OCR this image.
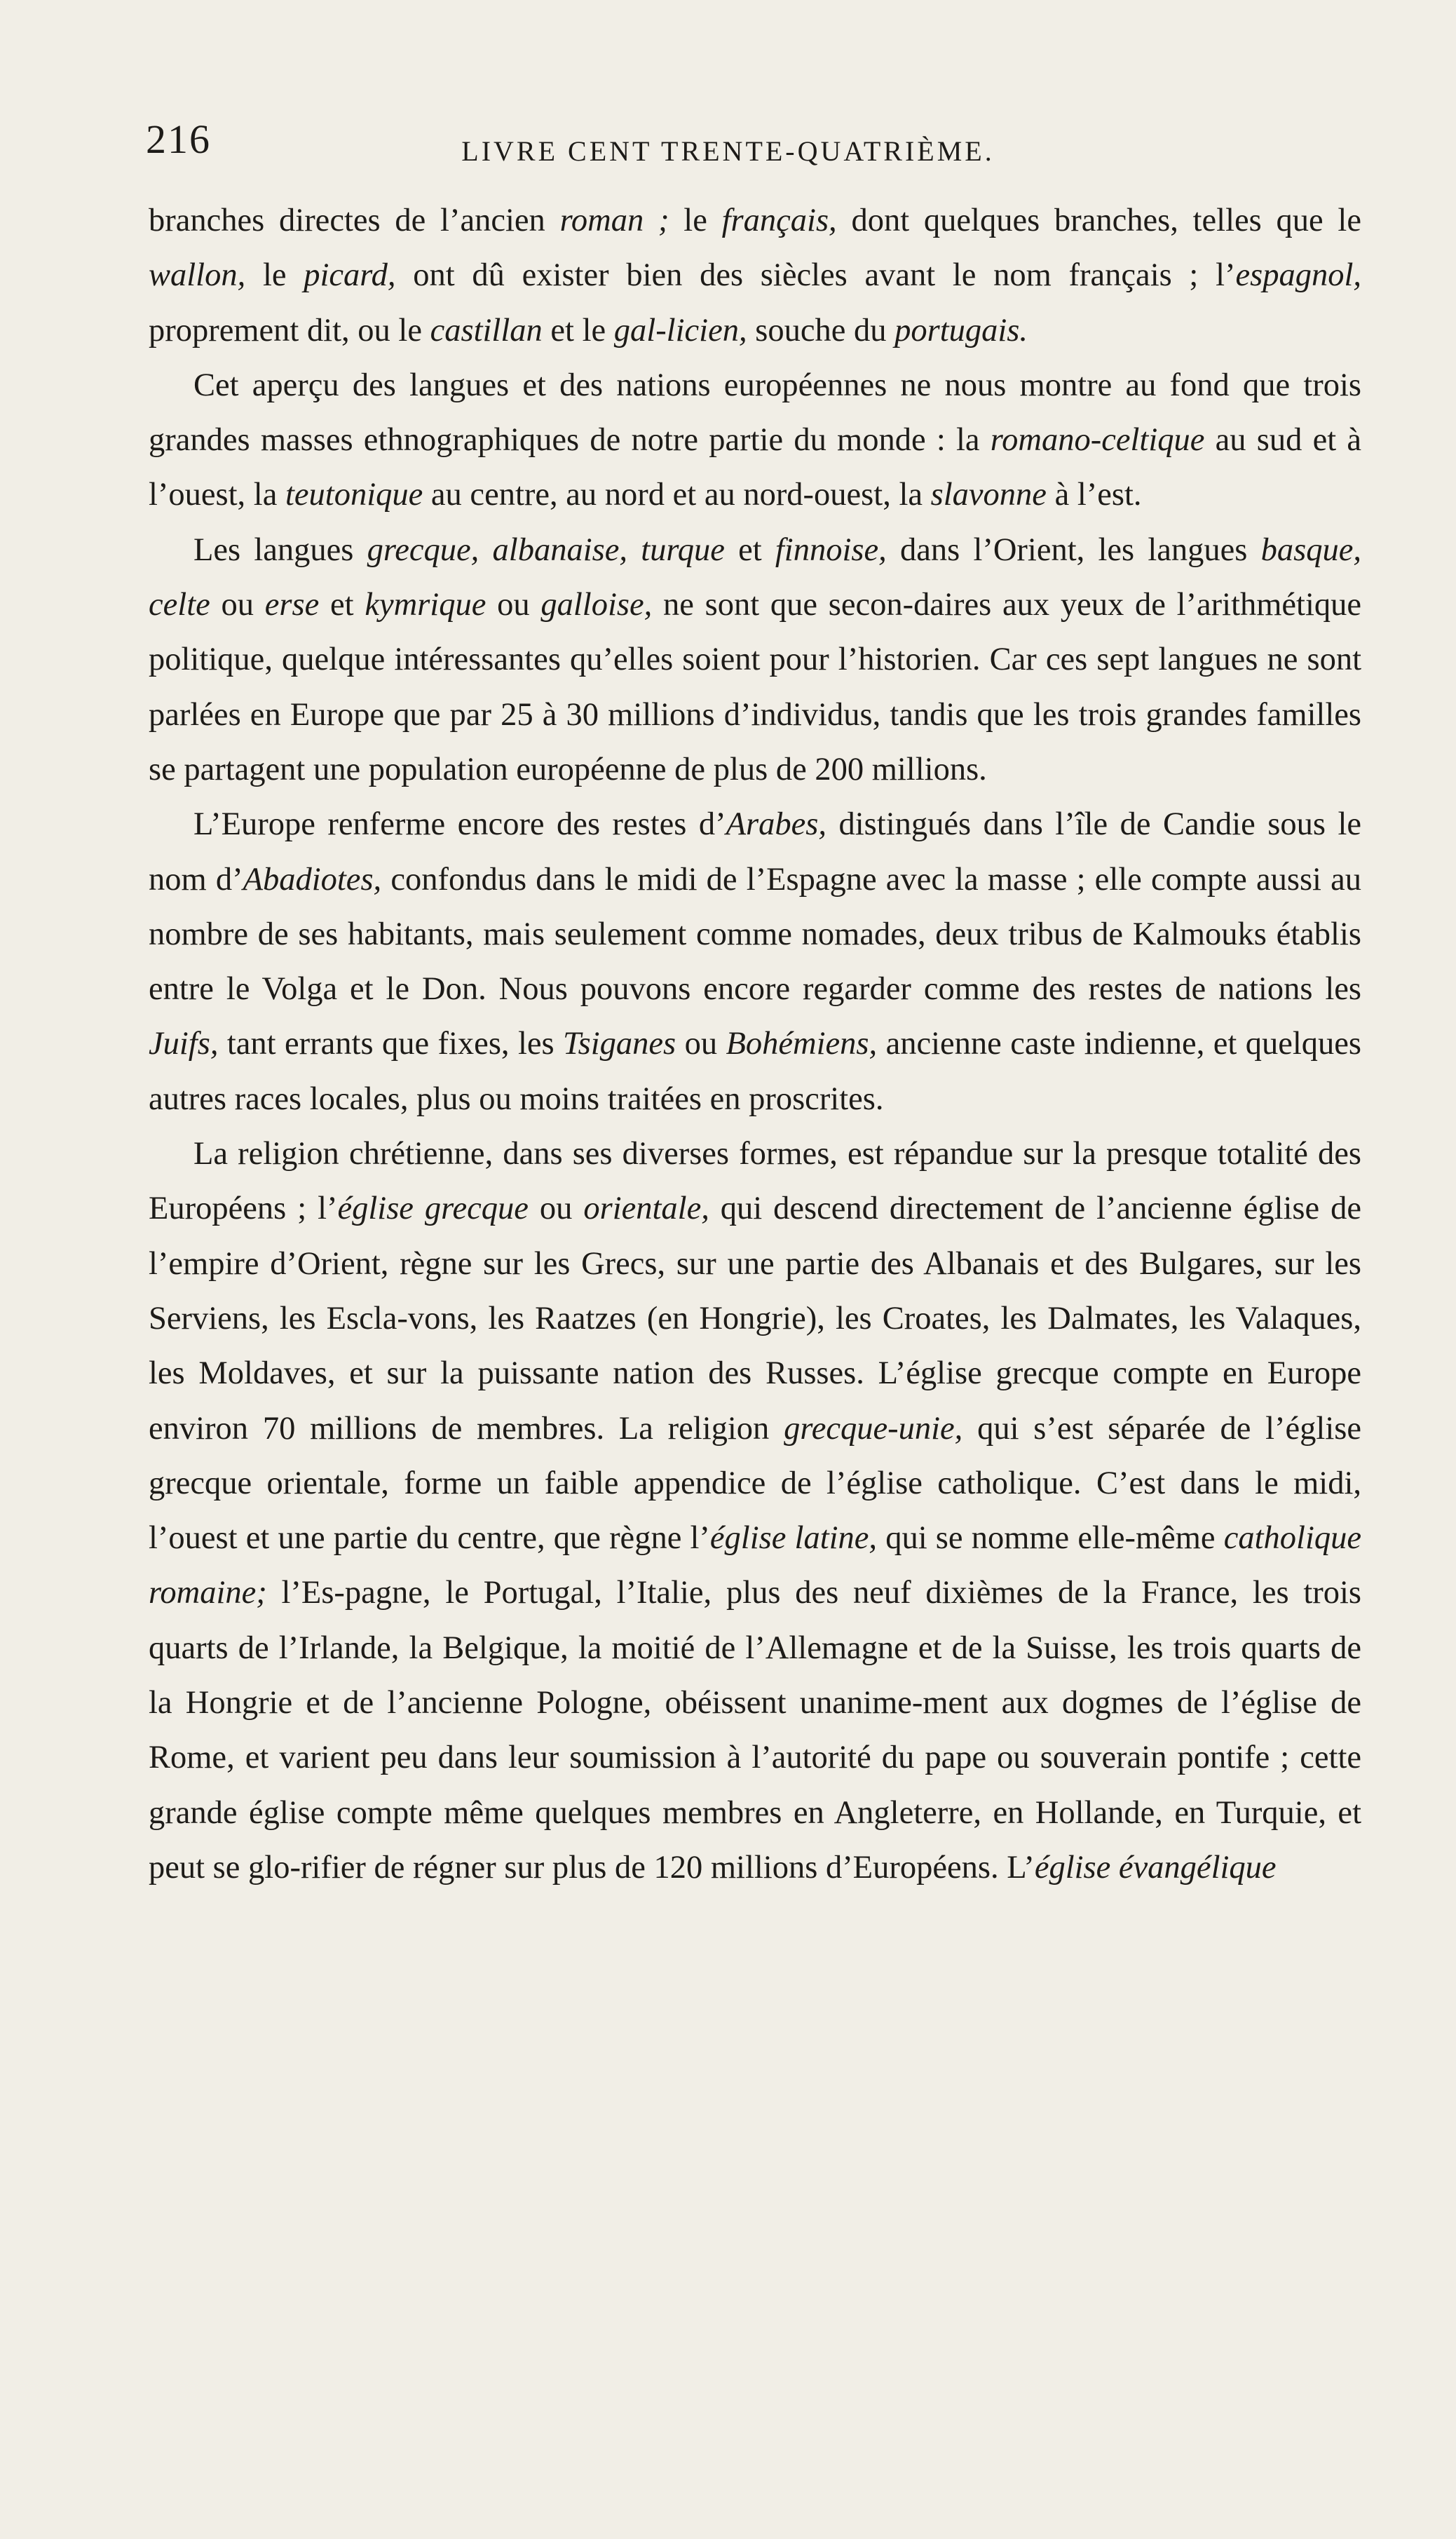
216	LIVRE CENT TRENTE-QUATRIÈME.

branches directes de l’ancien roman ; le français, dont quelques branches, telles que le wallon, le picard, ont dû exister bien des siècles avant le nom français ; l’espagnol, proprement dit, ou le castillan et le gal-licien, souche du portugais.

Cet aperçu des langues et des nations européennes ne nous montre au fond que trois grandes masses ethnographiques de notre partie du monde : la romano-celtique au sud et à l’ouest, la teutonique au centre, au nord et au nord-ouest, la slavonne à l’est.

Les langues grecque, albanaise, turque et finnoise, dans l’Orient, les langues basque, celte ou erse et kymrique ou galloise, ne sont que secon-daires aux yeux de l’arithmétique politique, quelque intéressantes qu’elles soient pour l’historien. Car ces sept langues ne sont parlées en Europe que par 25 à 30 millions d’individus, tandis que les trois grandes familles se partagent une population européenne de plus de 200 millions.

L’Europe renferme encore des restes d’Arabes, distingués dans l’île de Candie sous le nom d’Abadiotes, confondus dans le midi de l’Espagne avec la masse ; elle compte aussi au nombre de ses habitants, mais seulement comme nomades, deux tribus de Kalmouks établis entre le Volga et le Don. Nous pouvons encore regarder comme des restes de nations les Juifs, tant errants que fixes, les Tsiganes ou Bohémiens, ancienne caste indienne, et quelques autres races locales, plus ou moins traitées en proscrites.

La religion chrétienne, dans ses diverses formes, est répandue sur la presque totalité des Européens ; l’église grecque ou orientale, qui descend directement de l’ancienne église de l’empire d’Orient, règne sur les Grecs, sur une partie des Albanais et des Bulgares, sur les Serviens, les Escla-vons, les Raatzes (en Hongrie), les Croates, les Dalmates, les Valaques, les Moldaves, et sur la puissante nation des Russes. L’église grecque compte en Europe environ 70 millions de membres. La religion grecque-unie, qui s’est séparée de l’église grecque orientale, forme un faible appendice de l’église catholique. C’est dans le midi, l’ouest et une partie du centre, que règne l’église latine, qui se nomme elle-même catholique romaine; l’Es-pagne, le Portugal, l’Italie, plus des neuf dixièmes de la France, les trois quarts de l’Irlande, la Belgique, la moitié de l’Allemagne et de la Suisse, les trois quarts de la Hongrie et de l’ancienne Pologne, obéissent unanime-ment aux dogmes de l’église de Rome, et varient peu dans leur soumission à l’autorité du pape ou souverain pontife ; cette grande église compte même quelques membres en Angleterre, en Hollande, en Turquie, et peut se glo-rifier de régner sur plus de 120 millions d’Européens. L’église évangélique
